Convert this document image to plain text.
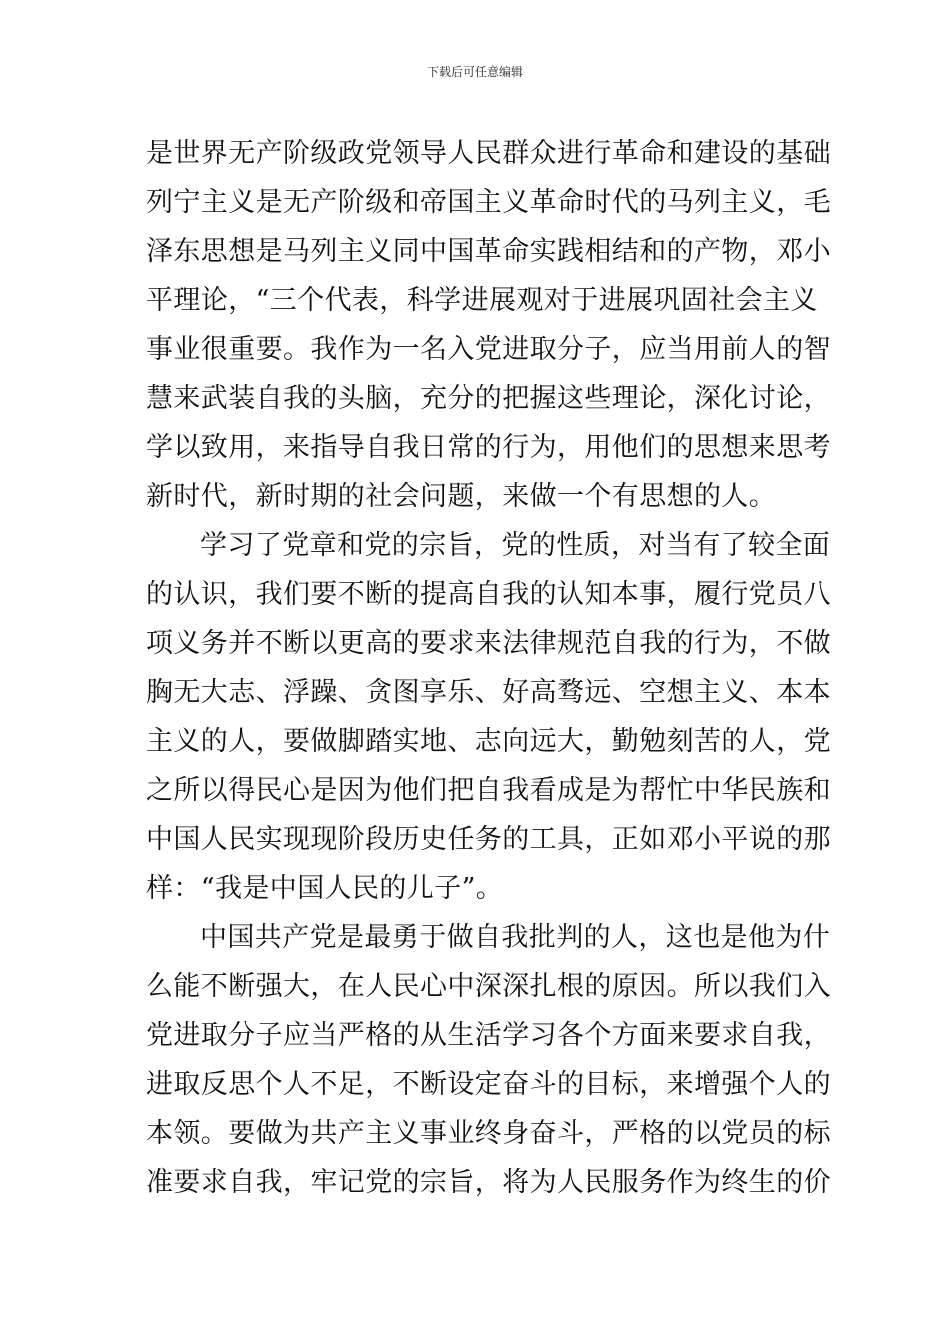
下载后可任意编辑
是世界无产阶级政党领导人民群众进行革命和建设的基础
列宁主义是无产阶级和帝国主义革命时代的马列主义，毛
泽东思想是马列主义同中国革命实践相结和的产物，邓小
平理论，“三个代表，科学进展观对于进展巩固社会主义
事业很重要。我作为一名入党进取分子，应当用前人的智
慧来武装自我的头脑，充分的把握这些理论，深化讨论，
学以致用，来指导自我日常的行为，用他们的思想来思考
新时代，新时期的社会问题，来做一个有思想的人。
学习了党章和党的宗旨，党的性质，对当有了较全面
的认识，我们要不断的提高自我的认知本事，履行党员八
项义务并不断以更高的要求来法律规范自我的行为，不做
胸无大志、浮躁、贪图享乐、好高骛远、空想主义、本本
主义的人，要做脚踏实地、志向远大，勤勉刻苦的人，党
之所以得民心是因为他们把自我看成是为帮忙中华民族和
中国人民实现现阶段历史任务的工具，正如邓小平说的那
样：“我是中国人民的儿子”。
中国共产党是最勇于做自我批判的人，这也是他为什
么能不断强大，在人民心中深深扎根的原因。所以我们入
党进取分子应当严格的从生活学习各个方面来要求自我，
进取反思个人不足，不断设定奋斗的目标，来增强个人的
本领。要做为共产主义事业终身奋斗，严格的以党员的标
准要求自我，牢记党的宗旨，将为人民服务作为终生的价
